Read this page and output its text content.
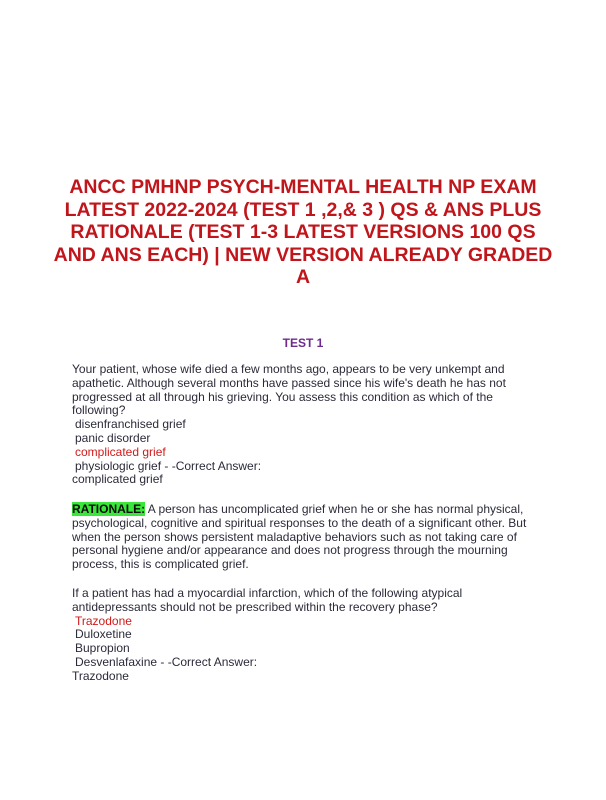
ANCC PMHNP PSYCH-MENTAL HEALTH NP EXAM
LATEST 2022-2024 (TEST 1 ,2,& 3 ) QS & ANS PLUS
RATIONALE (TEST 1-3 LATEST VERSIONS 100 QS
AND ANS EACH) | NEW VERSION ALREADY GRADED
A
TEST 1
Your patient, whose wife died a few months ago, appears to be very unkempt and
apathetic. Although several months have passed since his wife's death he has not
progressed at all through his grieving. You assess this condition as which of the
following?
disenfranchised grief
panic disorder
complicated grief
physiologic grief - -Correct Answer:
complicated grief
RATIONALE: A person has uncomplicated grief when he or she has normal physical,
psychological, cognitive and spiritual responses to the death of a significant other. But
when the person shows persistent maladaptive behaviors such as not taking care of
personal hygiene and/or appearance and does not progress through the mourning
process, this is complicated grief.
If a patient has had a myocardial infarction, which of the following atypical
antidepressants should not be prescribed within the recovery phase?
Trazodone
Duloxetine
Bupropion
Desvenlafaxine - -Correct Answer:
Trazodone
